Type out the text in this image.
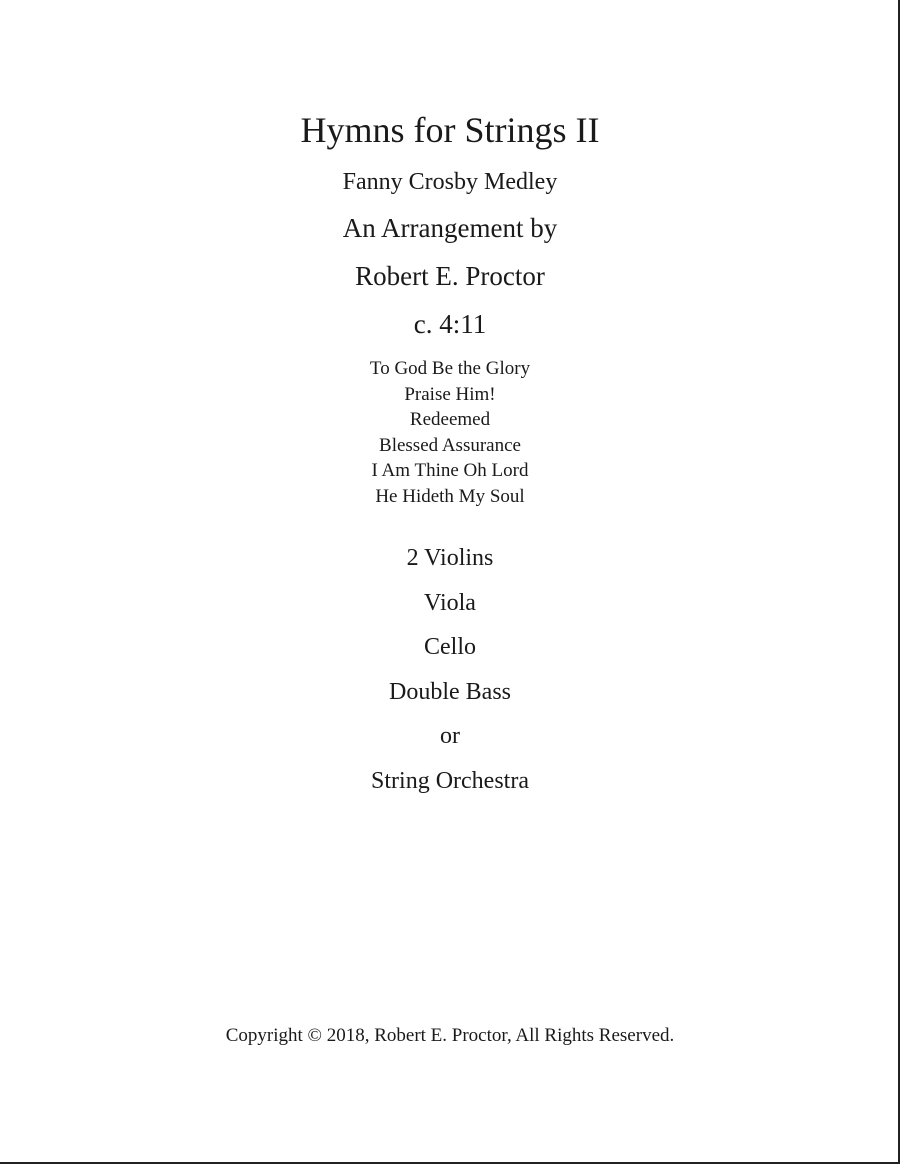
Hymns for Strings II
Fanny Crosby Medley
An Arrangement by
Robert E. Proctor
c. 4:11
To God Be the Glory
Praise Him!
Redeemed
Blessed Assurance
I Am Thine Oh Lord
He Hideth My Soul
2 Violins
Viola
Cello
Double Bass
or
String Orchestra
Copyright © 2018, Robert E. Proctor, All Rights Reserved.
